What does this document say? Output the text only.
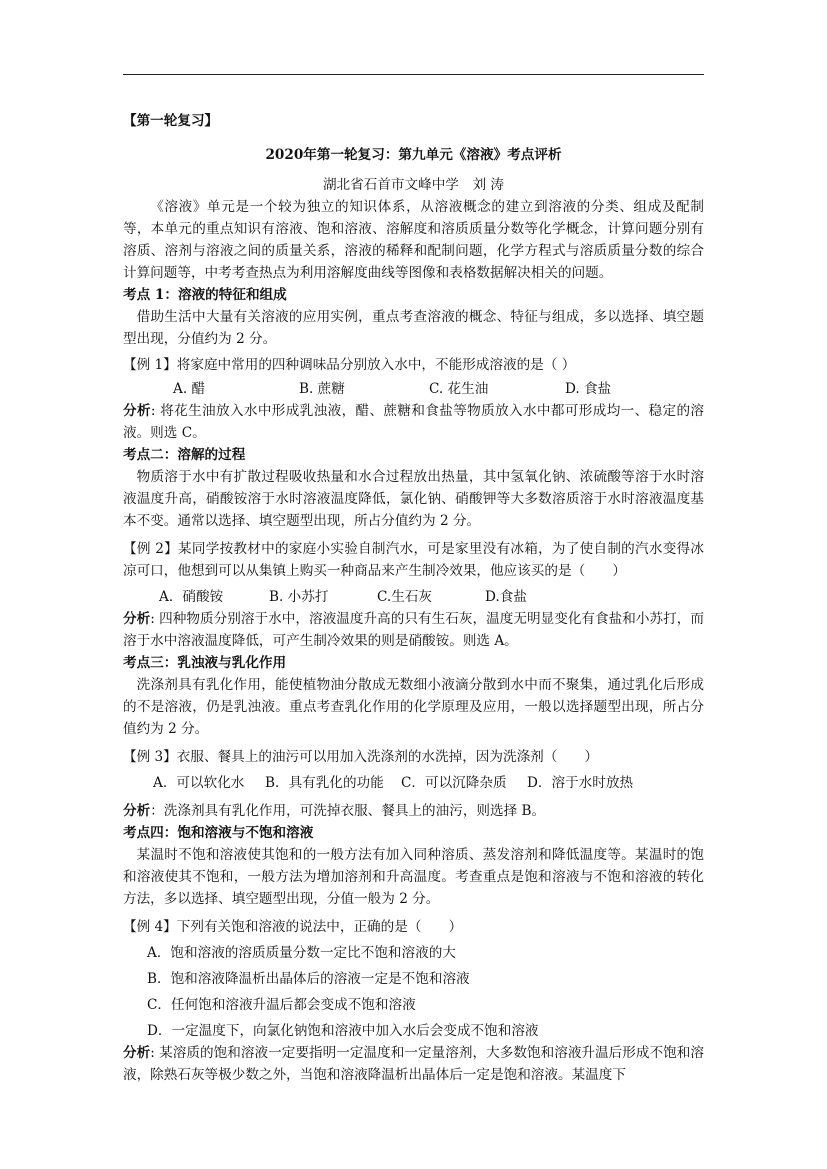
【第一轮复习】
2020年第一轮复习：第九单元《溶液》考点评析
湖北省石首市文峰中学　刘 涛

《溶液》单元是一个较为独立的知识体系，从溶液概念的建立到溶液的分类、组成及配制等，本单元的重点知识有溶液、饱和溶液、溶解度和溶质质量分数等化学概念，计算问题分别有溶质、溶剂与溶液之间的质量关系，溶液的稀释和配制问题，化学方程式与溶质质量分数的综合计算问题等，中考考查热点为利用溶解度曲线等图像和表格数据解决相关的问题。

考点 1：溶液的特征和组成

借助生活中大量有关溶液的应用实例，重点考查溶液的概念、特征与组成，多以选择、填空题型出现，分值约为 2 分。

【例 1】将家庭中常用的四种调味品分别放入水中，不能形成溶液的是（ ）

A. 醋	B. 蔗糖	C. 花生油	D. 食盐

分析: 将花生油放入水中形成乳浊液，醋、蔗糖和食盐等物质放入水中都可形成均一、稳定的溶液。则选 C。

考点二：溶解的过程

物质溶于水中有扩散过程吸收热量和水合过程放出热量，其中氢氧化钠、浓硫酸等溶于水时溶液温度升高，硝酸铵溶于水时溶液温度降低，氯化钠、硝酸钾等大多数溶质溶于水时溶液温度基本不变。通常以选择、填空题型出现，所占分值约为 2 分。

【例 2】某同学按教材中的家庭小实验自制汽水，可是家里没有冰箱，为了使自制的汽水变得冰凉可口，他想到可以从集镇上购买一种商品来产生制冷效果，他应该买的是（　　）

A．硝酸铵	B. 小苏打	C.生石灰	D.食盐

分析: 四种物质分别溶于水中，溶液温度升高的只有生石灰，温度无明显变化有食盐和小苏打，而溶于水中溶液温度降低，可产生制冷效果的则是硝酸铵。则选 A。

考点三：乳浊液与乳化作用

洗涤剂具有乳化作用，能使植物油分散成无数细小液滴分散到水中而不聚集，通过乳化后形成的不是溶液，仍是乳浊液。重点考查乳化作用的化学原理及应用，一般以选择题型出现，所占分值约为 2 分。

【例 3】衣服、餐具上的油污可以用加入洗涤剂的水洗掉，因为洗涤剂（　　）

A．可以软化水	B．具有乳化的功能	C．可以沉降杂质	D．溶于水时放热

分析：洗涤剂具有乳化作用，可洗掉衣服、餐具上的油污，则选择 B。

考点四：饱和溶液与不饱和溶液

某温时不饱和溶液使其饱和的一般方法有加入同种溶质、蒸发溶剂和降低温度等。某温时的饱和溶液使其不饱和，一般方法为增加溶剂和升高温度。考查重点是饱和溶液与不饱和溶液的转化方法，多以选择、填空题型出现，分值一般为 2 分。

【例 4】下列有关饱和溶液的说法中，正确的是（　　）

A．饱和溶液的溶质质量分数一定比不饱和溶液的大
B．饱和溶液降温析出晶体后的溶液一定是不饱和溶液
C．任何饱和溶液升温后都会变成不饱和溶液
D．一定温度下，向氯化钠饱和溶液中加入水后会变成不饱和溶液

分析: 某溶质的饱和溶液一定要指明一定温度和一定量溶剂，大多数饱和溶液升温后形成不饱和溶液，除熟石灰等极少数之外，当饱和溶液降温析出晶体后一定是饱和溶液。某温度下
